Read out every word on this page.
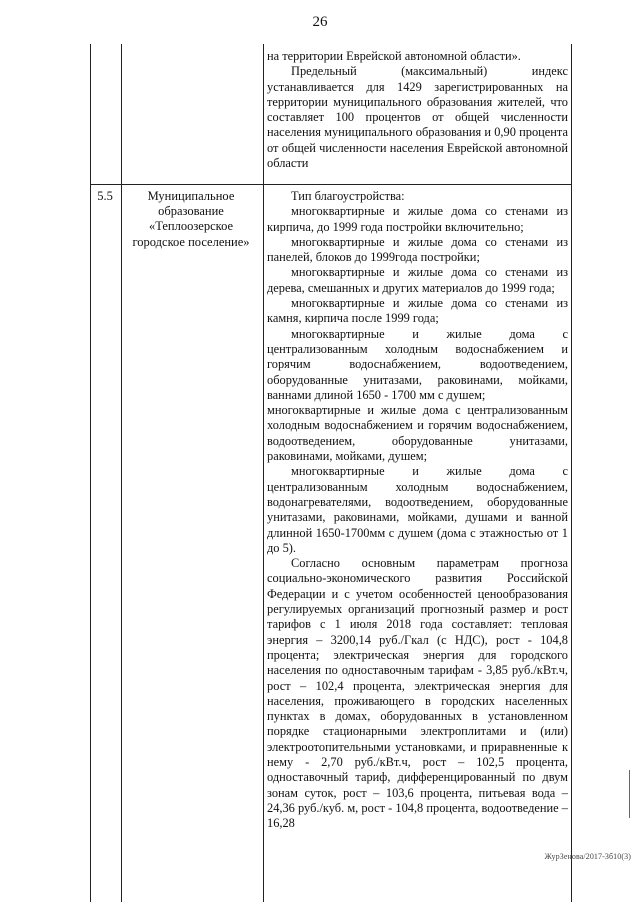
26

на территории Еврейской автономной области».

Предельный (максимальный) индекс устанавливается для 1429 зарегистрированных на территории муниципального образования жителей, что составляет 100 процентов от общей численности населения муниципального образования и 0,90 процента от общей численности населения Еврейской автономной области

5.5	Муниципальное
образование
«Теплоозерское
городское поселение»

Тип благоустройства:

многоквартирные и жилые дома со стенами из кирпича, до 1999 года постройки включительно;

многоквартирные и жилые дома со стенами из панелей, блоков до 1999года постройки;

многоквартирные и жилые дома со стенами из дерева, смешанных и других материалов до 1999 года;

многоквартирные и жилые дома со стенами из камня, кирпича после 1999 года;

многоквартирные и жилые дома с централизованным холодным водоснабжением и горячим водоснабжением, водоотведением, оборудованные унитазами, раковинами, мойками, ваннами длиной 1650 - 1700 мм с душем;

многоквартирные и жилые дома с централизованным холодным водоснабжением и горячим водоснабжением, водоотведением, оборудованные унитазами, раковинами, мойками, душем;

многоквартирные и жилые дома с централизованным холодным водоснабжением, водонагревателями, водоотведением, оборудованные унитазами, раковинами, мойками, душами и ванной длинной 1650-1700мм с душем (дома с этажностью от 1 до 5).

Согласно основным параметрам прогноза социально-экономического развития Российской Федерации и с учетом особенностей ценообразования регулируемых организаций прогнозный размер и рост тарифов с 1 июля 2018 года составляет: тепловая энергия – 3200,14 руб./Гкал (с НДС), рост - 104,8 процента; электрическая энергия для городского населения по одноставочным тарифам - 3,85 руб./кВт.ч, рост – 102,4 процента, электрическая энергия для населения, проживающего в городских населенных пунктах в домах, оборудованных в установленном порядке стационарными электроплитами и (или) электроотопительными установками, и приравненные к нему - 2,70 руб./кВт.ч, рост – 102,5 процента, одноставочный тариф, дифференцированный по двум зонам суток, рост – 103,6 процента, питьевая вода – 24,36 руб./куб. м, рост - 104,8 процента, водоотведение – 16,28

ЖурЗенова/2017-3б10(3)
